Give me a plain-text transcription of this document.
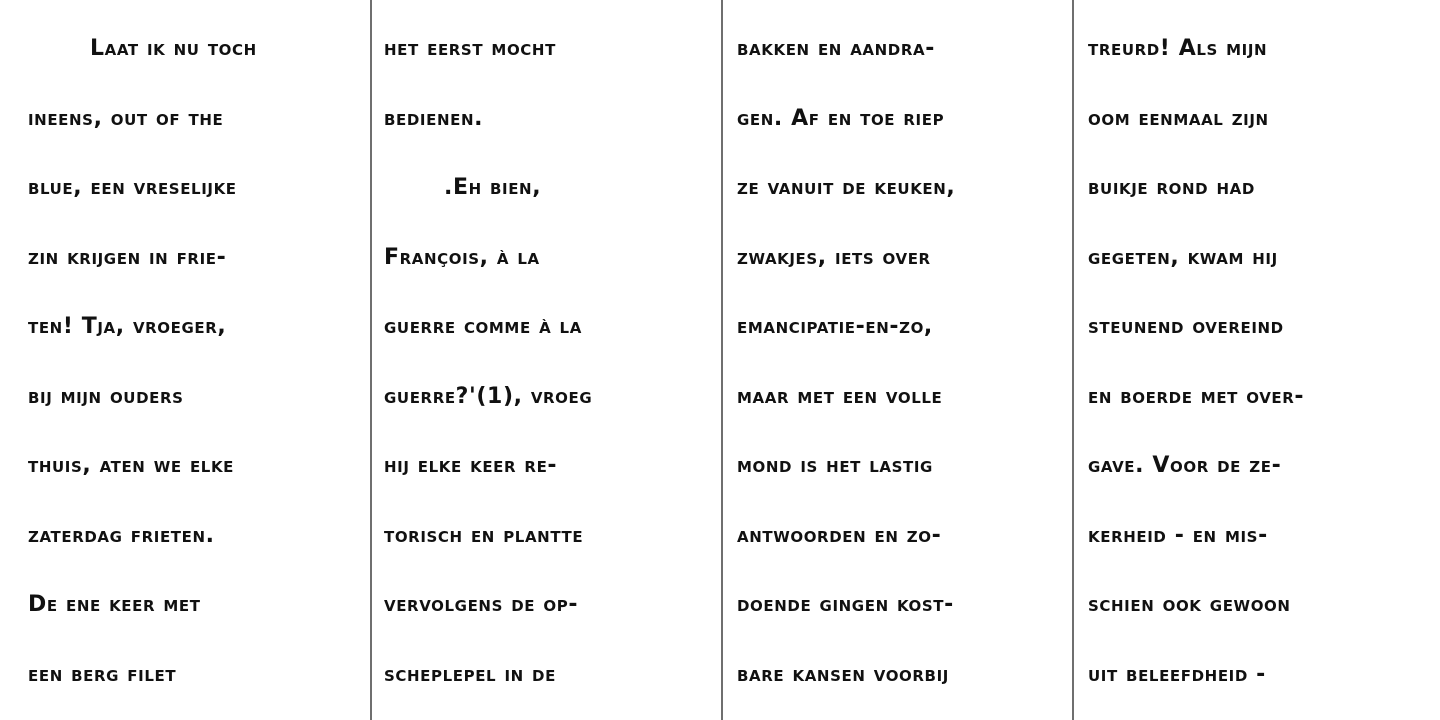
Laat ik nu toch
ineens, out of the
blue, een vreselijke
zin krijgen in frie-
ten! Tja, vroeger,
bij mijn ouders
thuis, aten we elke
zaterdag frieten.
De ene keer met
een berg filet
het eerst mocht
bedienen.
.Eh bien,
François, à la
guerre comme à la
guerre?'(1), vroeg
hij elke keer re-
torisch en plantte
vervolgens de op-
scheplepel in de
bakken en aandra-
gen. Af en toe riep
ze vanuit de keuken,
zwakjes, iets over
emancipatie-en-zo,
maar met een volle
mond is het lastig
antwoorden en zo-
doende gingen kost-
bare kansen voorbij
treurd! Als mijn
oom eenmaal zijn
buikje rond had
gegeten, kwam hij
steunend overeind
en boerde met over-
gave. Voor de ze-
kerheid - en mis-
schien ook gewoon
uit beleefdheid -
